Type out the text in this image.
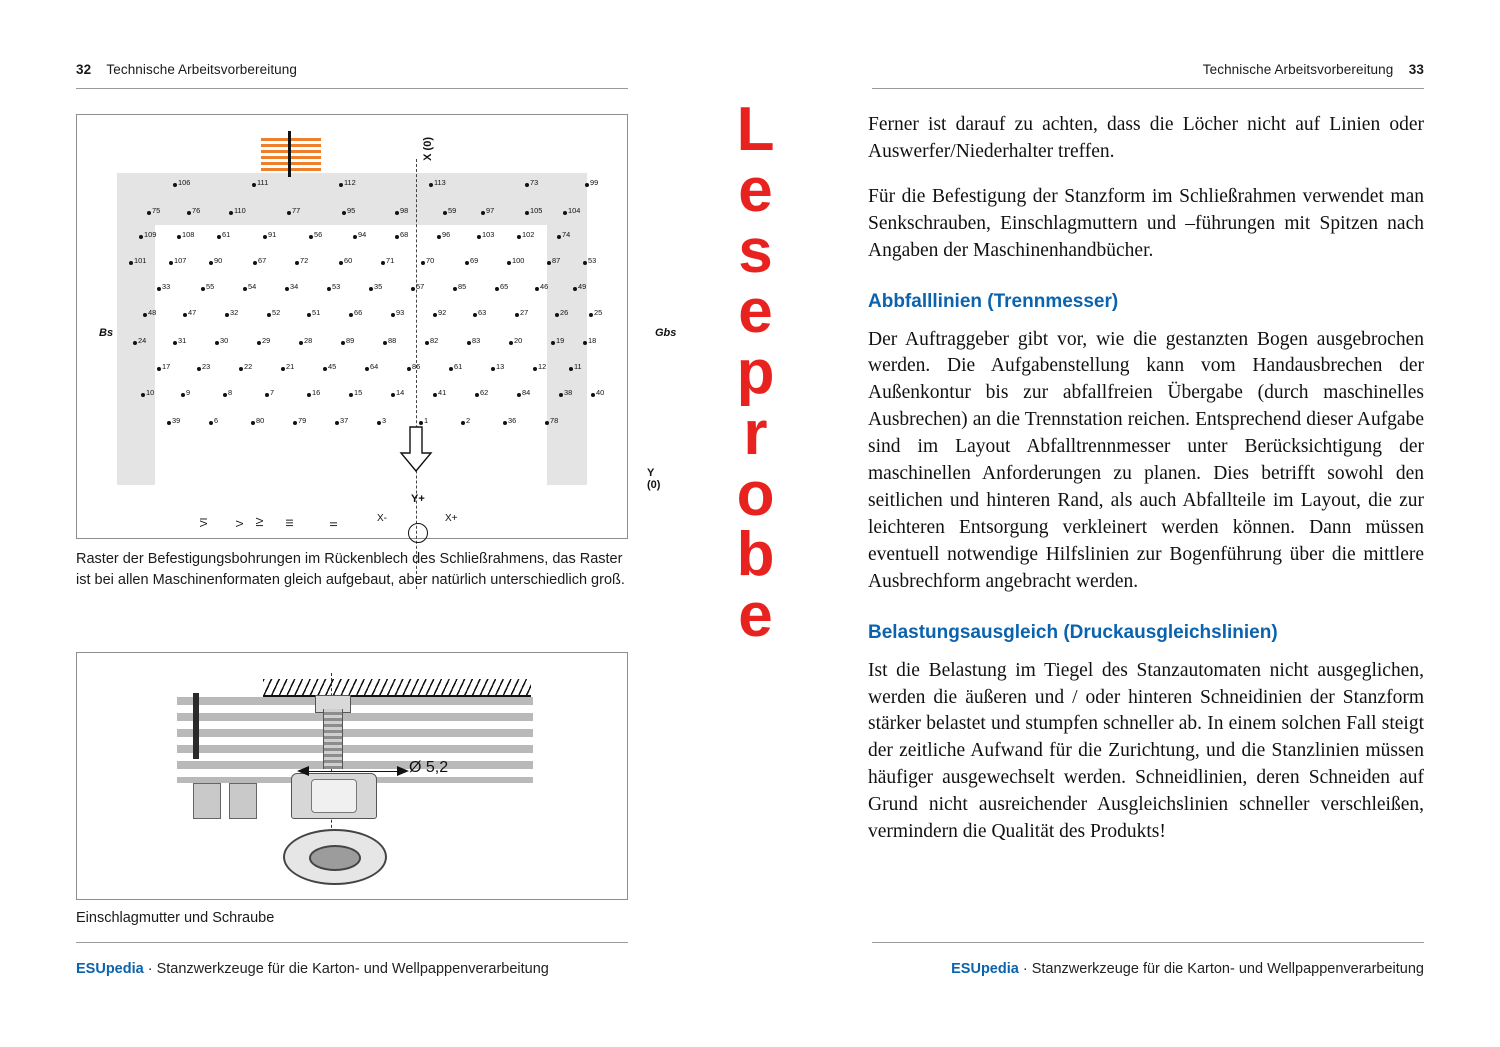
32 Technische Arbeitsvorbereitung
X (0)
Y (0)
Y+
X-	X+
Bs	Gbs
VI	V IV III	II
106	111	112	113	73	99
75	76	110	77	95	98	59	97	105	104
109	108	61	91	56	94	68	96	103	102	74
101	107	90	67	72	60	71	70	69	100	87	53
33	55	54	34	53	35	57	85	65	46	49
48	47	32	52	51	66	93	92	63	27	26	25
24	31	30	29	28	89	88	82	83	20	19	18
17	23	22	21	45	64	86	61	13	12	11
10	9	8	7	16	15	14	41	62	84	38	40
39	6	80	79	37	3	1	2	36	78
Raster der Befestigungsbohrungen im Rückenblech des Schließrahmens, das Raster ist bei allen Maschinenformaten gleich aufgebaut, aber natürlich unterschiedlich groß.
Ø 5,2
Einschlagmutter und Schraube
ESUpedia · Stanzwerkzeuge für die Karton- und Wellpappenverarbeitung
Technische Arbeitsvorbereitung 33
ESUpedia · Stanzwerkzeuge für die Karton- und Wellpappenverarbeitung
L
e
s
e
p
r
o
b
e

Ferner ist darauf zu achten, dass die Löcher nicht auf Linien oder Auswerfer/Niederhalter treffen.

Für die Befestigung der Stanzform im Schließrahmen verwendet man Senkschrauben, Einschlagmuttern und –führungen mit Spitzen nach Angaben der Maschinenhandbücher.

Abbfalllinien (Trennmesser)

Der Auftraggeber gibt vor, wie die gestanzten Bogen ausgebrochen werden. Die Aufgabenstellung kann vom Handausbrechen der Außenkontur bis zur abfallfreien Übergabe (durch maschinelles Ausbrechen) an die Trennstation reichen. Entsprechend dieser Aufgabe sind im Layout Abfalltrennmesser unter Berücksichtigung der maschinellen Anforderungen zu planen. Dies betrifft sowohl den seitlichen und hinteren Rand, als auch Abfallteile im Layout, die zur leichteren Entsorgung verkleinert werden können. Dann müssen eventuell notwendige Hilfslinien zur Bogenführung über die mittlere Ausbrechform angebracht werden.

Belastungsausgleich (Druckausgleichslinien)

Ist die Belastung im Tiegel des Stanzautomaten nicht ausgeglichen, werden die äußeren und / oder hinteren Schneidinien der Stanzform stärker belastet und stumpfen schneller ab. In einem solchen Fall steigt der zeitliche Aufwand für die Zurichtung, und die Stanzlinien müssen häufiger ausgewechselt werden. Schneidlinien, deren Schneiden auf Grund nicht ausreichender Ausgleichslinien schneller verschleißen, vermindern die Qualität des Produkts!
